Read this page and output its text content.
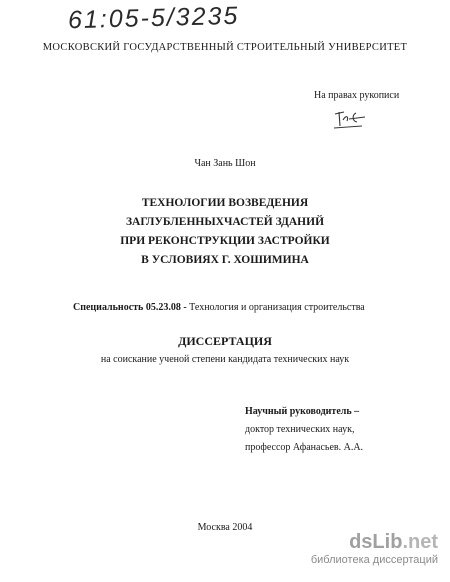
61:05-5/3235
МОСКОВСКИЙ ГОСУДАРСТВЕННЫЙ СТРОИТЕЛЬНЫЙ УНИВЕРСИТЕТ
На правах рукописи
Чан Зань Шон
ТЕХНОЛОГИИ ВОЗВЕДЕНИЯ
ЗАГЛУБЛЕННЫХЧАСТЕЙ ЗДАНИЙ
ПРИ РЕКОНСТРУКЦИИ ЗАСТРОЙКИ
В УСЛОВИЯХ Г. ХОШИМИНА
Специальность 05.23.08 - Технология и организация строительства
ДИССЕРТАЦИЯ
на соискание ученой степени кандидата технических наук
Научный руководитель –
доктор технических наук,
профессор Афанасьев. А.А.
Москва 2004
dsLib.net
библиотека диссертаций
